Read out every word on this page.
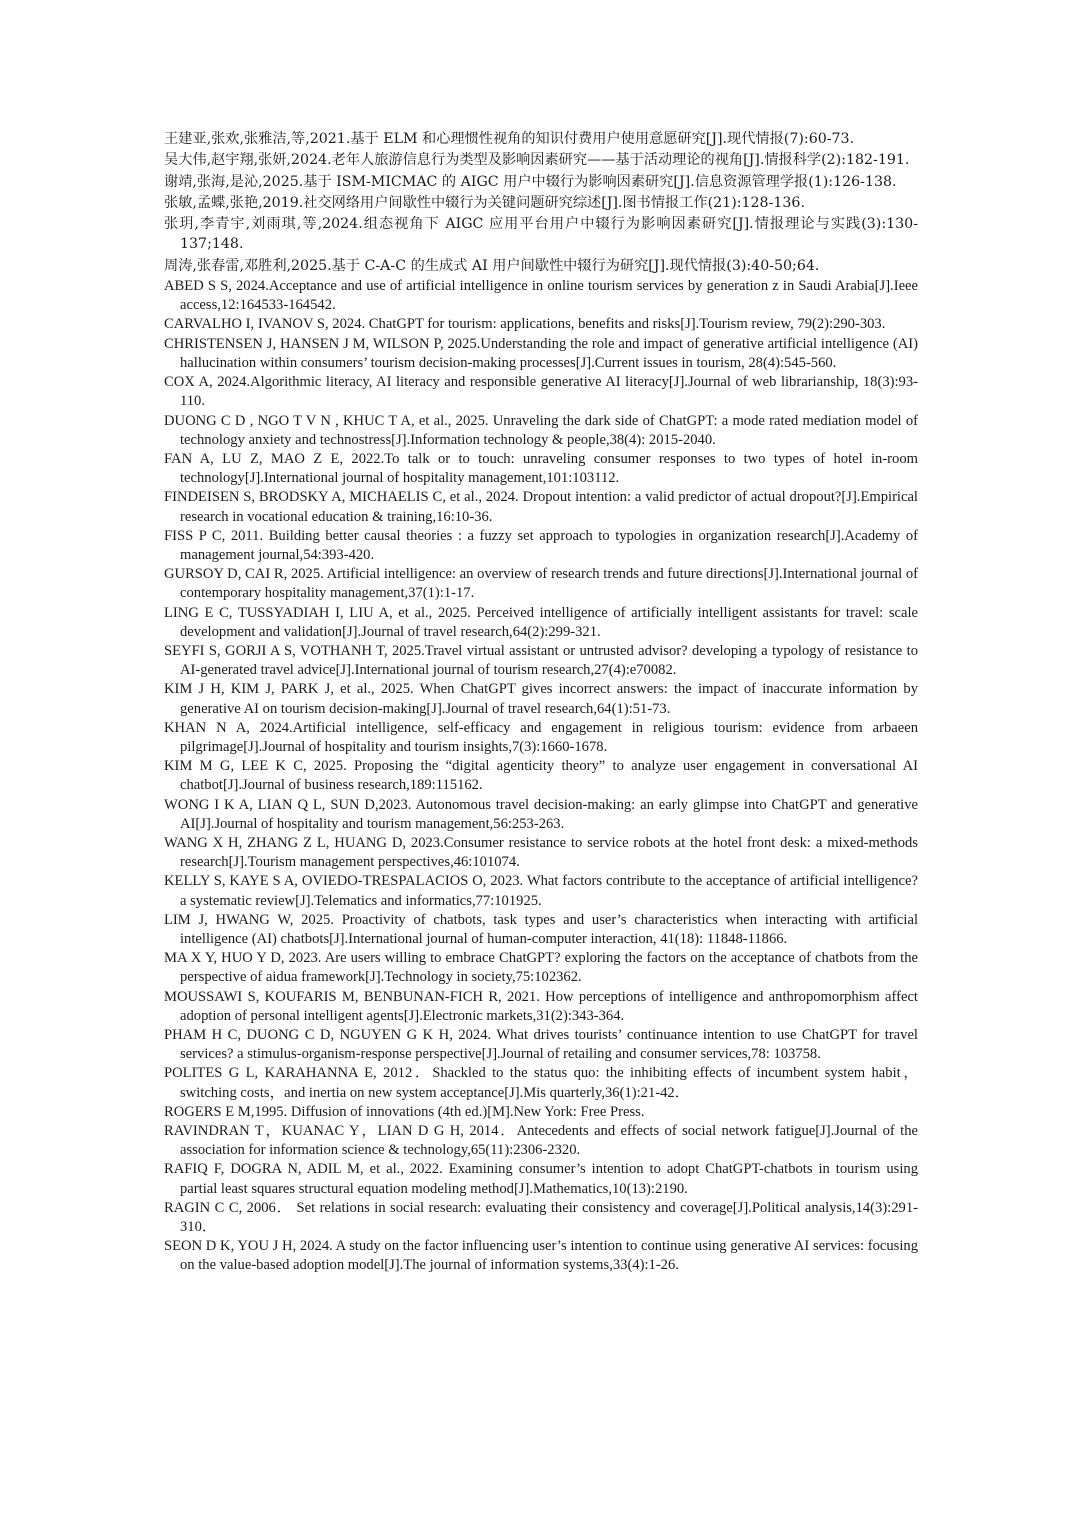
王建亚,张欢,张雅洁,等,2021.基于 ELM 和心理惯性视角的知识付费用户使用意愿研究[J].现代情报(7):60-73.

吴大伟,赵宇翔,张妍,2024.老年人旅游信息行为类型及影响因素研究——基于活动理论的视角[J].情报科学(2):182-191.

谢靖,张海,是沁,2025.基于 ISM-MICMAC 的 AIGC 用户中辍行为影响因素研究[J].信息资源管理学报(1):126-138.

张敏,孟蝶,张艳,2019.社交网络用户间歇性中辍行为关键问题研究综述[J].图书情报工作(21):128-136.

张玥,李青宇,刘雨琪,等,2024.组态视角下 AIGC 应用平台用户中辍行为影响因素研究[J].情报理论与实践(3):130-137;148.

周涛,张春雷,邓胜利,2025.基于 C-A-C 的生成式 AI 用户间歇性中辍行为研究[J].现代情报(3):40-50;64.

ABED S S, 2024.Acceptance and use of artificial intelligence in online tourism services by generation z in Saudi Arabia[J].Ieee access,12:164533-164542.

CARVALHO I, IVANOV S, 2024. ChatGPT for tourism: applications, benefits and risks[J].Tourism review, 79(2):290-303.

CHRISTENSEN J, HANSEN J M, WILSON P, 2025.Understanding the role and impact of generative artificial intelligence (AI) hallucination within consumers’ tourism decision-making processes[J].Current issues in tourism, 28(4):545-560.

COX A, 2024.Algorithmic literacy, AI literacy and responsible generative AI literacy[J].Journal of web librarianship, 18(3):93-110.

DUONG C D , NGO T V N , KHUC T A, et al., 2025. Unraveling the dark side of ChatGPT: a mode rated mediation model of technology anxiety and technostress[J].Information technology & people,38(4): 2015-2040.

FAN A, LU Z, MAO Z E, 2022.To talk or to touch: unraveling consumer responses to two types of hotel in-room technology[J].International journal of hospitality management,101:103112.

FINDEISEN S, BRODSKY A, MICHAELIS C, et al., 2024. Dropout intention: a valid predictor of actual dropout?[J].Empirical research in vocational education & training,16:10-36.

FISS P C, 2011. Building better causal theories : a fuzzy set approach to typologies in organization research[J].Academy of management journal,54:393-420.

GURSOY D, CAI R, 2025. Artificial intelligence: an overview of research trends and future directions[J].International journal of contemporary hospitality management,37(1):1-17.

LING E C, TUSSYADIAH I, LIU A, et al., 2025. Perceived intelligence of artificially intelligent assistants for travel: scale development and validation[J].Journal of travel research,64(2):299-321.

SEYFI S, GORJI A S, VOTHANH T, 2025.Travel virtual assistant or untrusted advisor? developing a typology of resistance to AI-generated travel advice[J].International journal of tourism research,27(4):e70082.

KIM J H, KIM J, PARK J, et al., 2025. When ChatGPT gives incorrect answers: the impact of inaccurate information by generative AI on tourism decision-making[J].Journal of travel research,64(1):51-73.

KHAN N A, 2024.Artificial intelligence, self-efficacy and engagement in religious tourism: evidence from arbaeen pilgrimage[J].Journal of hospitality and tourism insights,7(3):1660-1678.

KIM M G, LEE K C, 2025. Proposing the “digital agenticity theory” to analyze user engagement in conversational AI chatbot[J].Journal of business research,189:115162.

WONG I K A, LIAN Q L, SUN D,2023. Autonomous travel decision-making: an early glimpse into ChatGPT and generative AI[J].Journal of hospitality and tourism management,56:253-263.

WANG X H, ZHANG Z L, HUANG D, 2023.Consumer resistance to service robots at the hotel front desk: a mixed-methods research[J].Tourism management perspectives,46:101074.

KELLY S, KAYE S A, OVIEDO-TRESPALACIOS O, 2023. What factors contribute to the acceptance of artificial intelligence? a systematic review[J].Telematics and informatics,77:101925.

LIM J, HWANG W, 2025. Proactivity of chatbots, task types and user’s characteristics when interacting with artificial intelligence (AI) chatbots[J].International journal of human-computer interaction, 41(18): 11848-11866.

MA X Y, HUO Y D, 2023. Are users willing to embrace ChatGPT? exploring the factors on the acceptance of chatbots from the perspective of aidua framework[J].Technology in society,75:102362.

MOUSSAWI S, KOUFARIS M, BENBUNAN-FICH R, 2021. How perceptions of intelligence and anthropomorphism affect adoption of personal intelligent agents[J].Electronic markets,31(2):343-364.

PHAM H C, DUONG C D, NGUYEN G K H, 2024. What drives tourists’ continuance intention to use ChatGPT for travel services? a stimulus-organism-response perspective[J].Journal of retailing and consumer services,78: 103758.

POLITES G L, KARAHANNA E, 2012．Shackled to the status quo: the inhibiting effects of incumbent system habit，switching costs，and inertia on new system acceptance[J].Mis quarterly,36(1):21-42．

ROGERS E M,1995. Diffusion of innovations (4th ed.)[M].New York: Free Press.

RAVINDRAN T，KUANAC Y，LIAN D G H, 2014．Antecedents and effects of social network fatigue[J].Journal of the association for information science & technology,65(11):2306-2320.

RAFIQ F, DOGRA N, ADIL M, et al., 2022. Examining consumer’s intention to adopt ChatGPT-chatbots in tourism using partial least squares structural equation modeling method[J].Mathematics,10(13):2190.

RAGIN C C, 2006． Set relations in social research: evaluating their consistency and coverage[J].Political analysis,14(3):291-310．

SEON D K, YOU J H, 2024. A study on the factor influencing user’s intention to continue using generative AI services: focusing on the value-based adoption model[J].The journal of information systems,33(4):1-26.
